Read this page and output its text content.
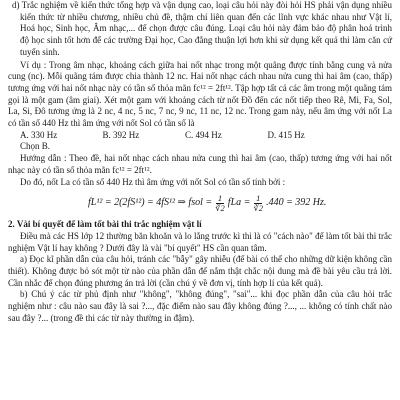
d) Trắc nghiệm về kiến thức tổng hợp và vận dụng cao, loại câu hỏi này đòi hỏi HS phải vận dụng nhiều kiến thức từ nhiều chương, nhiều chủ đề, thậm chí liên quan đến các lĩnh vực khác nhau như Vật lí, Hoá học, Sinh học, Âm nhạc,... để chọn được câu đúng. Loại câu hỏi này đảm bảo độ phân hoá trình độ học sinh tốt hơn để các trường Đại học, Cao đẳng thuận lợi hơn khi sử dụng kết quả thi làm căn cứ tuyển sinh.

Ví dụ : Trong âm nhạc, khoảng cách giữa hai nốt nhạc trong một quãng được tính bằng cung và nửa cung (nc). Mỗi quãng tám được chia thành 12 nc. Hai nốt nhạc cách nhau nửa cung thì hai âm (cao, thấp) tương ứng với hai nốt nhạc này có tần số thỏa mãn fc¹² = 2ft¹². Tập hợp tất cả các âm trong một quãng tám gọi là một gam (âm giai). Xét một gam với khoảng cách từ nốt Đồ đến các nốt tiếp theo Rê, Mi, Fa, Sol, La, Si, Đô tương ứng là 2 nc, 4 nc, 5 nc, 7 nc, 9 nc, 11 nc, 12 nc. Trong gam này, nếu âm ứng với nốt La có tần số 440 Hz thì âm ứng với nốt Sol có tần số là

A. 330 Hz	B. 392 Hz	C. 494 Hz	D. 415 Hz

Chọn B.

Hướng dẫn : Theo đề, hai nốt nhạc cách nhau nửa cung thì hai âm (cao, thấp) tương ứng với hai nốt nhạc này có tần số thỏa mãn fc¹² = 2ft¹².

Do đó, nốt La có tần số 440 Hz thì âm ứng với nốt Sol có tần số tính bởi :

fL¹² = 2(2fS¹²) = 4fS¹² ⇒ fsol = $\frac{1}{∛2}$ fLa = $\frac{1}{∛2} .440 = 392$ Hz.

2. Vài bí quyết để làm tốt bài thi trắc nghiệm vật lí

Điều mà các HS lớp 12 thường băn khoăn và lo lắng trước kì thi là có "cách nào" để làm tốt bài thi trắc nghiệm Vật lí hay không ? Dưới đây là vài "bí quyết" HS cần quan tâm.

a) Đọc kĩ phần dẫn của câu hỏi, tránh các "bẫy" gây nhiễu (để bài có thể cho những dữ kiện không cần thiết). Không được bỏ sót một từ nào của phần dẫn để nắm thật chắc nội dung mà đề bài yêu cầu trả lời. Cần nhắc để chọn đúng phương án trả lời (cần chú ý về đơn vị, tính hợp lí của kết quả).

b) Chú ý các từ phủ định như "không", "không đúng", "sai"... khi đọc phần dẫn của câu hỏi trắc nghiệm như : câu nào sau đây là sai ?..., đặc điểm nào sau đây không đúng ?..., ... không có tính chất nào sau đây ?... (trong đề thi các từ này thường in đậm).
